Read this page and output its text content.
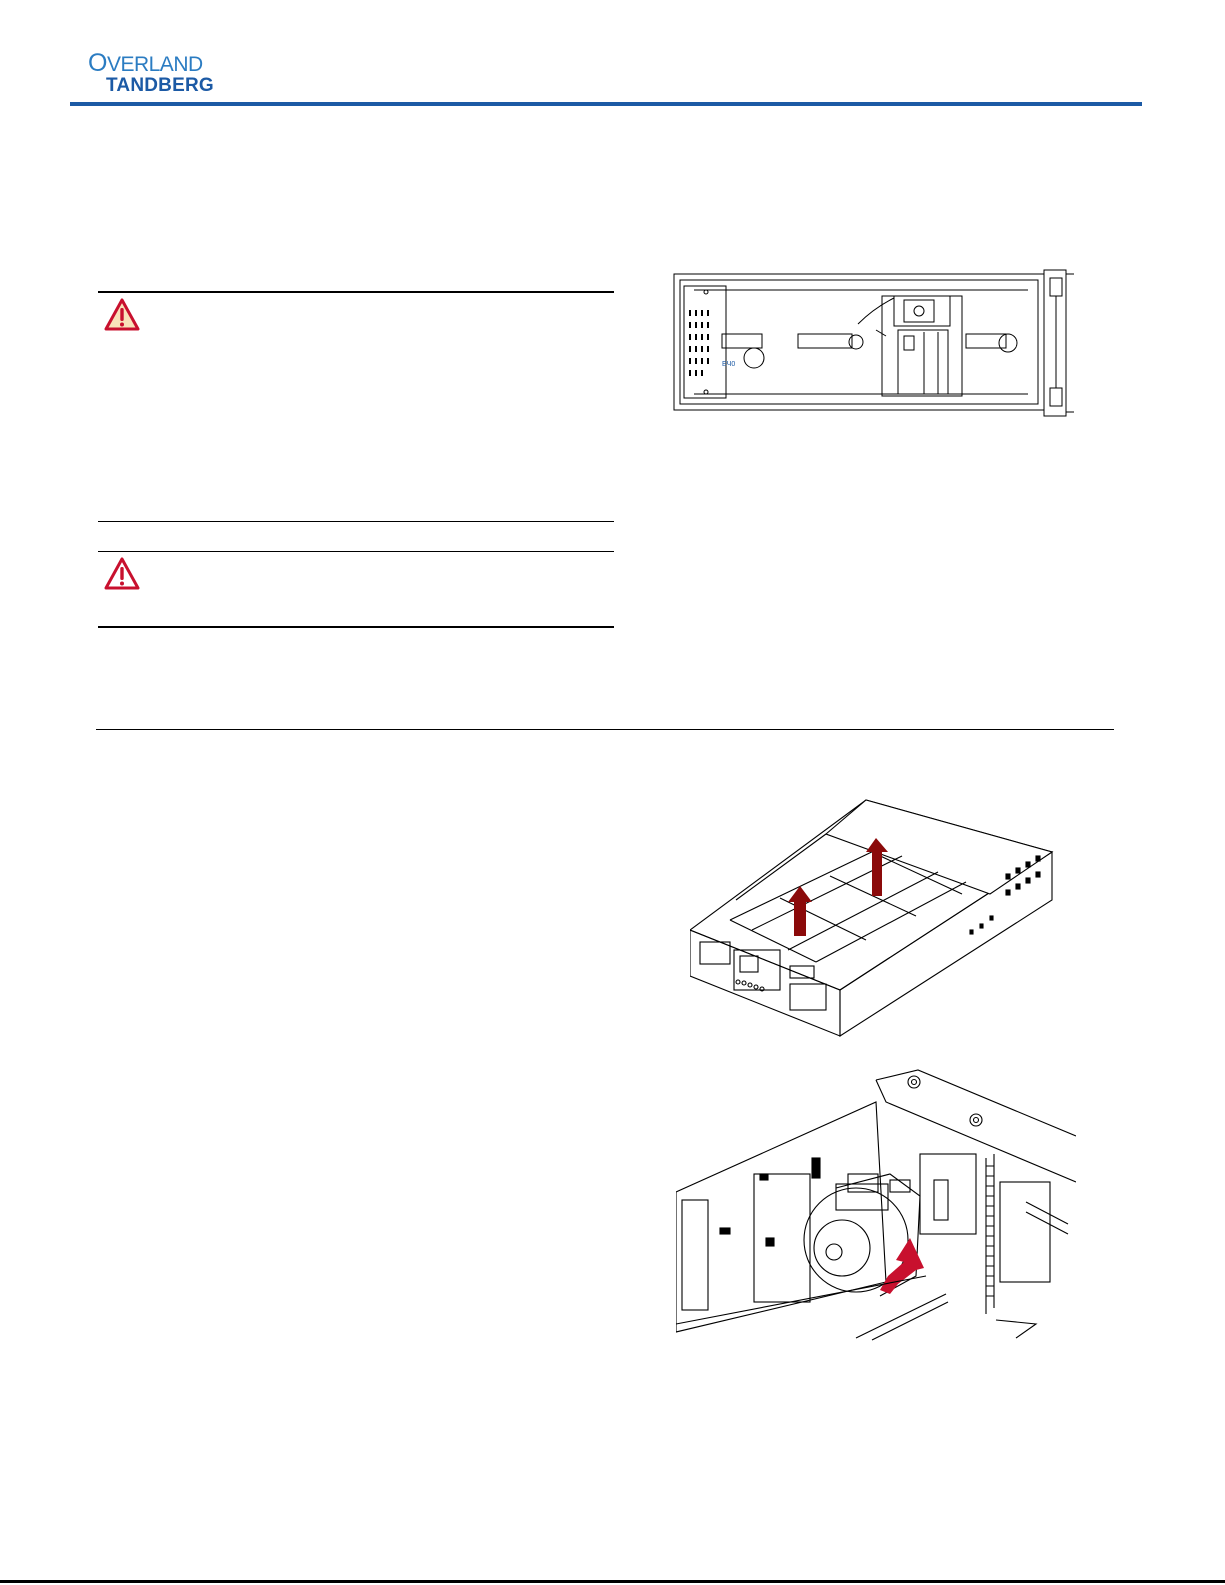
OVERLAND
TANDBERG
ЕЧ0
